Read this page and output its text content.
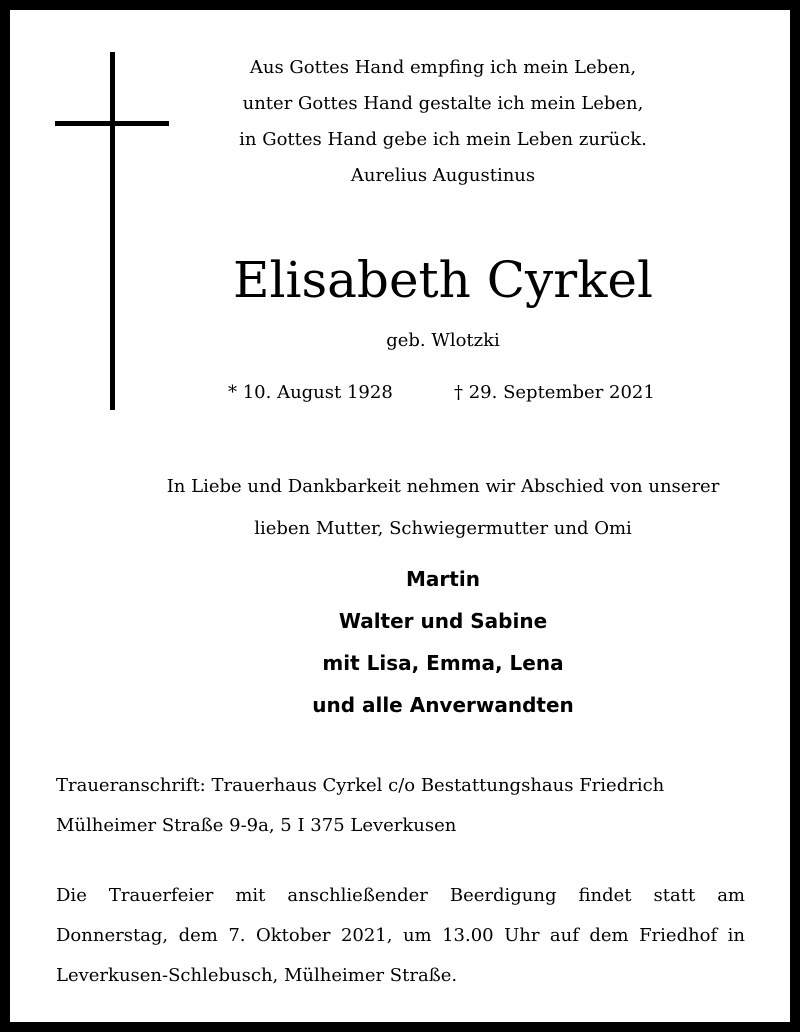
Aus Gottes Hand empfing ich mein Leben,
unter Gottes Hand gestalte ich mein Leben,
in Gottes Hand gebe ich mein Leben zurück.
Aurelius Augustinus
Elisabeth Cyrkel
geb. Wlotzki
* 10. August 1928	† 29. September 2021
In Liebe und Dankbarkeit nehmen wir Abschied von unserer
lieben Mutter, Schwiegermutter und Omi
Martin
Walter und Sabine
mit Lisa, Emma, Lena
und alle Anverwandten
Traueranschrift: Trauerhaus Cyrkel c/o Bestattungshaus Friedrich
Mülheimer Straße 9-9a, 5 I 375 Leverkusen
Die Trauerfeier mit anschließender Beerdigung findet statt am Donnerstag, dem 7. Oktober 2021, um 13.00 Uhr auf dem Friedhof in Leverkusen-Schlebusch, Mülheimer Straße.
